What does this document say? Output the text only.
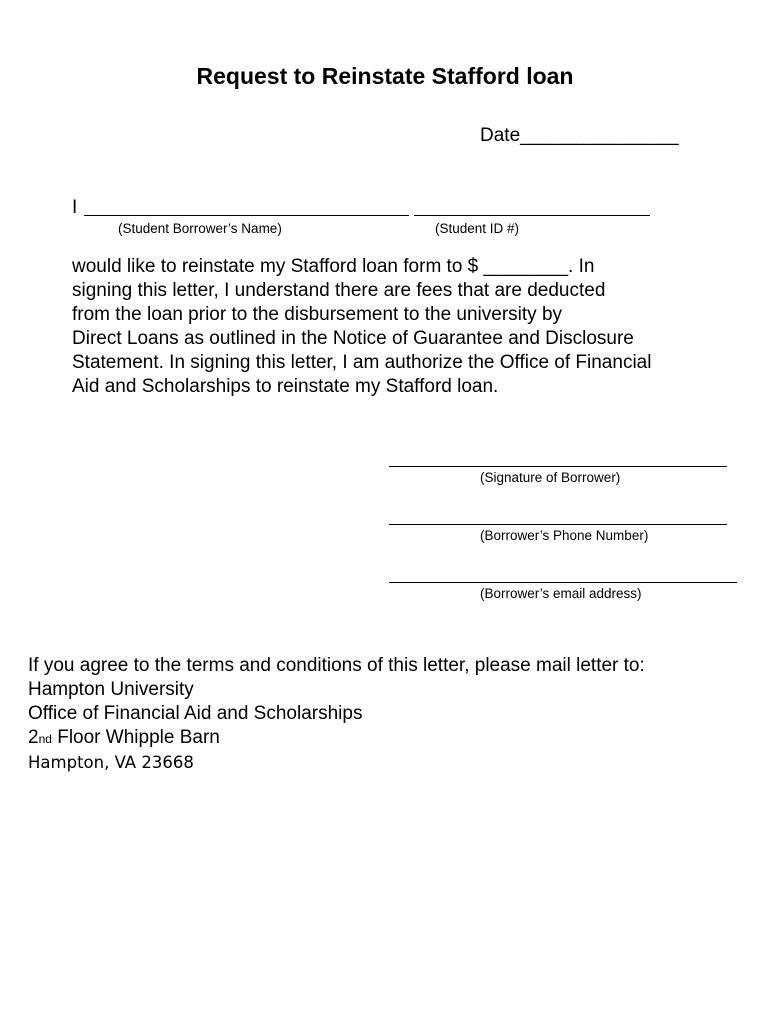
Request to Reinstate Stafford loan
Date_______________
I
(Student Borrower’s Name)	(Student ID #)

would like to reinstate my Stafford loan form to $ ________. In

signing this letter, I understand there are fees that are deducted

from the loan prior to the disbursement to the university by

Direct Loans as outlined in the Notice of Guarantee and Disclosure

Statement. In signing this letter, I am authorize the Office of Financial

Aid and Scholarships to reinstate my Stafford loan.

(Signature of Borrower)
(Borrower’s Phone Number)
(Borrower’s email address)

If you agree to the terms and conditions of this letter, please mail letter to:

Hampton University

Office of Financial Aid and Scholarships

2nd Floor Whipple Barn

Hampton, VA 23668
